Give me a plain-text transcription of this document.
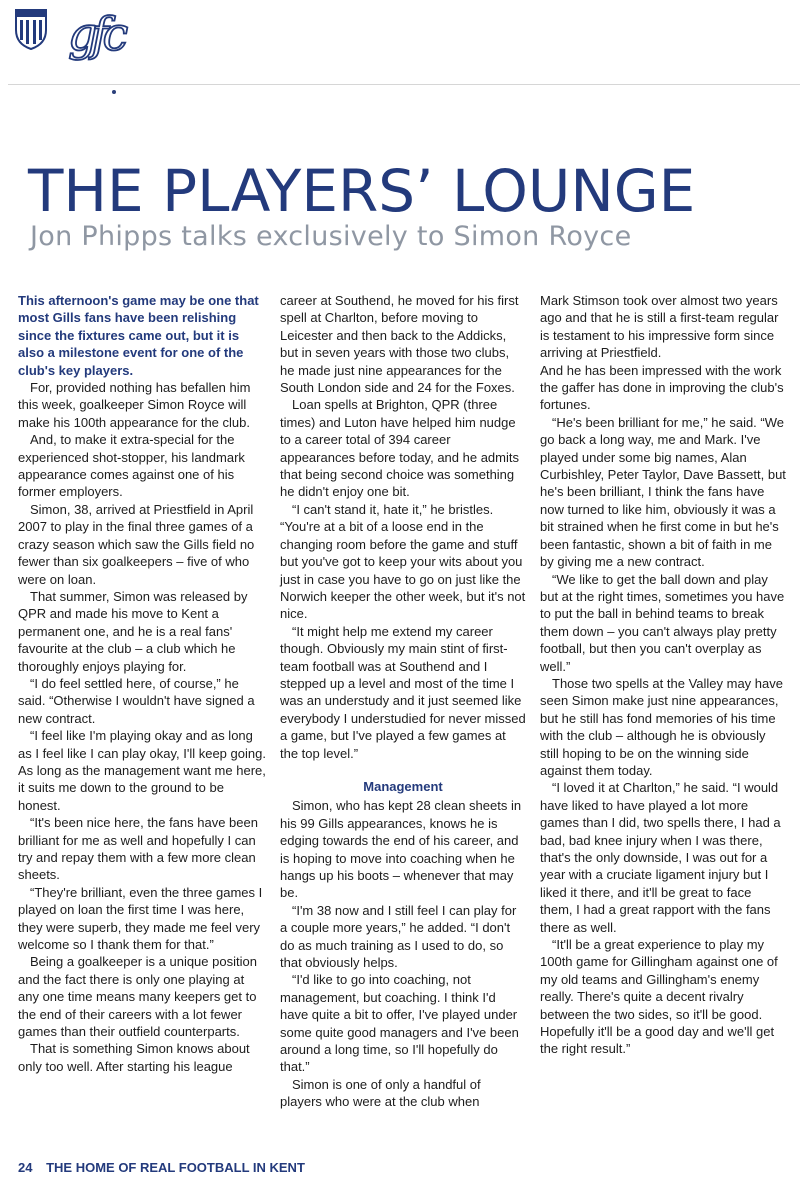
gfc
THE PLAYERS’ LOUNGE
Jon Phipps talks exclusively to Simon Royce

This afternoon's game may be one that most Gills fans have been relishing since the fixtures came out, but it is also a milestone event for one of the club's key players.

For, provided nothing has befallen him this week, goalkeeper Simon Royce will make his 100th appearance for the club.

And, to make it extra-special for the experienced shot-stopper, his landmark appearance comes against one of his former employers.

Simon, 38, arrived at Priestfield in April 2007 to play in the final three games of a crazy season which saw the Gills field no fewer than six goalkeepers – five of who were on loan.

That summer, Simon was released by QPR and made his move to Kent a permanent one, and he is a real fans' favourite at the club – a club which he thoroughly enjoys playing for.

“I do feel settled here, of course,” he said. “Otherwise I wouldn't have signed a new contract.

“I feel like I'm playing okay and as long as I feel like I can play okay, I'll keep going. As long as the management want me here, it suits me down to the ground to be honest.

“It's been nice here, the fans have been brilliant for me as well and hopefully I can try and repay them with a few more clean sheets.

“They're brilliant, even the three games I played on loan the first time I was here, they were superb, they made me feel very welcome so I thank them for that.”

Being a goalkeeper is a unique position and the fact there is only one playing at any one time means many keepers get to the end of their careers with a lot fewer games than their outfield counterparts.

That is something Simon knows about only too well. After starting his league

career at Southend, he moved for his first spell at Charlton, before moving to Leicester and then back to the Addicks, but in seven years with those two clubs, he made just nine appearances for the South London side and 24 for the Foxes.

Loan spells at Brighton, QPR (three times) and Luton have helped him nudge to a career total of 394 career appearances before today, and he admits that being second choice was something he didn't enjoy one bit.

“I can't stand it, hate it,” he bristles. “You're at a bit of a loose end in the changing room before the game and stuff but you've got to keep your wits about you just in case you have to go on just like the Norwich keeper the other week, but it's not nice.

“It might help me extend my career though. Obviously my main stint of first-team football was at Southend and I stepped up a level and most of the time I was an understudy and it just seemed like everybody I understudied for never missed a game, but I've played a few games at the top level.”

Management

Simon, who has kept 28 clean sheets in his 99 Gills appearances, knows he is edging towards the end of his career, and is hoping to move into coaching when he hangs up his boots – whenever that may be.

“I'm 38 now and I still feel I can play for a couple more years,” he added. “I don't do as much training as I used to do, so that obviously helps.

“I'd like to go into coaching, not management, but coaching. I think I'd have quite a bit to offer, I've played under some quite good managers and I've been around a long time, so I'll hopefully do that.”

Simon is one of only a handful of players who were at the club when

Mark Stimson took over almost two years ago and that he is still a first-team regular is testament to his impressive form since arriving at Priestfield.

And he has been impressed with the work the gaffer has done in improving the club's fortunes.

“He's been brilliant for me,” he said. “We go back a long way, me and Mark. I've played under some big names, Alan Curbishley, Peter Taylor, Dave Bassett, but he's been brilliant, I think the fans have now turned to like him, obviously it was a bit strained when he first come in but he's been fantastic, shown a bit of faith in me by giving me a new contract.

“We like to get the ball down and play but at the right times, sometimes you have to put the ball in behind teams to break them down – you can't always play pretty football, but then you can't overplay as well.”

Those two spells at the Valley may have seen Simon make just nine appearances, but he still has fond memories of his time with the club – although he is obviously still hoping to be on the winning side against them today.

“I loved it at Charlton,” he said. “I would have liked to have played a lot more games than I did, two spells there, I had a bad, bad knee injury when I was there, that's the only downside, I was out for a year with a cruciate ligament injury but I liked it there, and it'll be great to face them, I had a great rapport with the fans there as well.

“It'll be a great experience to play my 100th game for Gillingham against one of my old teams and Gillingham's enemy really. There's quite a decent rivalry between the two sides, so it'll be good. Hopefully it'll be a good day and we'll get the right result.”

24 THE HOME OF REAL FOOTBALL IN KENT
